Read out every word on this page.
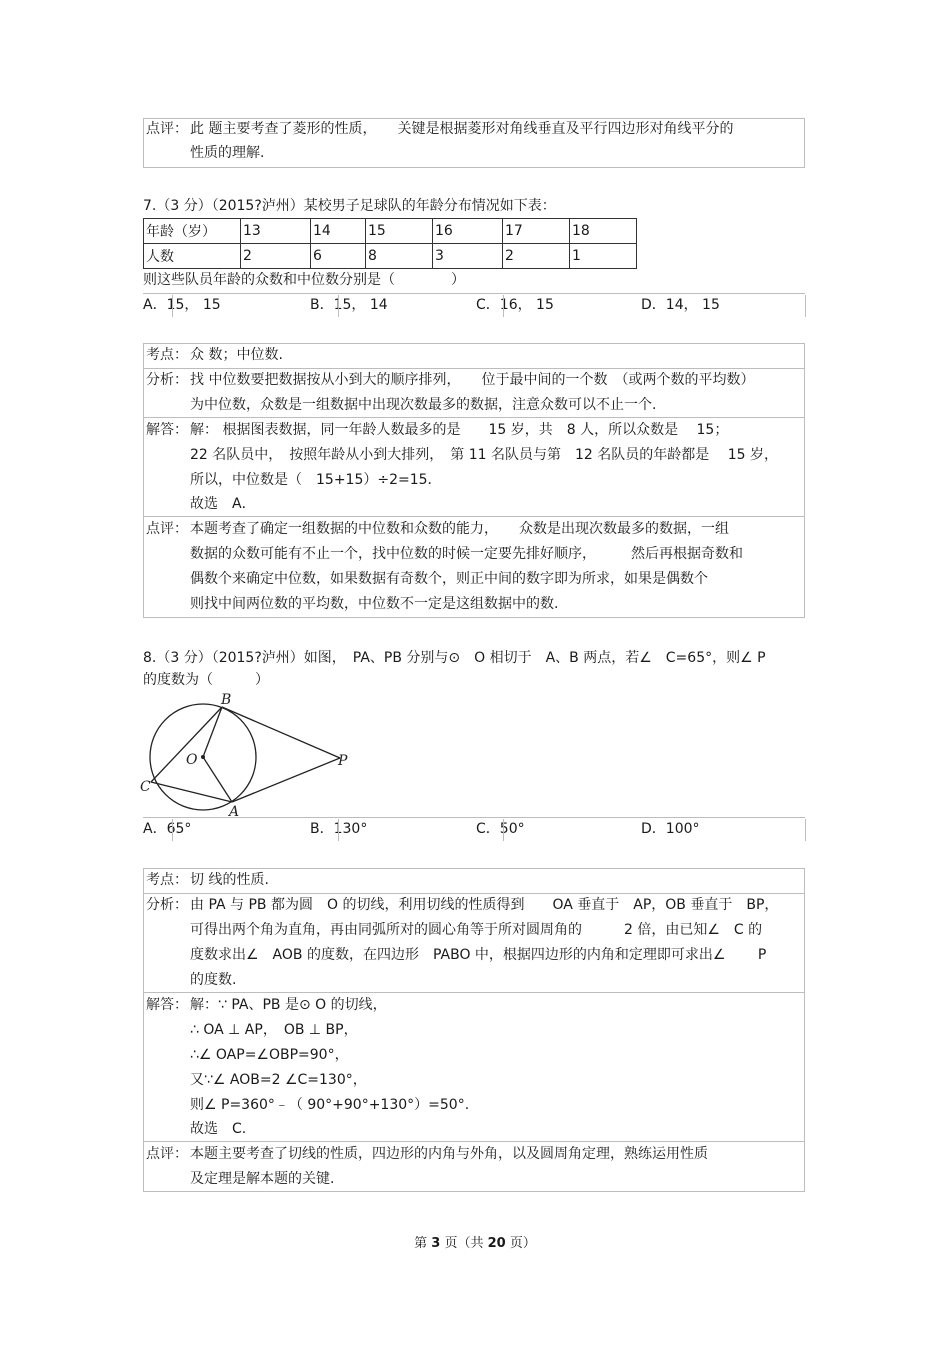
点评： 此 题主要考查了菱形的性质，　　关键是根据菱形对角线垂直及平行四边形对角线平分的
性质的理解.
7.（3 分）（2015?泸州）某校男子足球队的年龄分布情况如下表：
年龄（岁）	13	14	15	16	17	18
人数	2	6	8	3	2	1
则这些队员年龄的众数和中位数分别是（　　　　）
A．15， 15	B．15， 14	C．16， 15	D．14， 15
考点： 众 数；中位数.
分析： 找 中位数要把数据按从小到大的顺序排列，　　位于最中间的一个数　（或两个数的平均数）
为中位数，众数是一组数据中出现次数最多的数据，注意众数可以不止一个.
解答： 解： 根据图表数据，同一年龄人数最多的是　　15 岁，共　8 人，所以众数是　 15；
22 名队员中，　按照年龄从小到大排列，　第 11 名队员与第　12 名队员的年龄都是　 15 岁，
所以，中位数是（　15+15）÷2=15．
故选　A．
点评： 本题考查了确定一组数据的中位数和众数的能力，　　众数是出现次数最多的数据，一组
数据的众数可能有不止一个，找中位数的时候一定要先排好顺序，　　　然后再根据奇数和
偶数个来确定中位数，如果数据有奇数个，则正中间的数字即为所求，如果是偶数个
则找中间两位数的平均数，中位数不一定是这组数据中的数.
8.（3 分）（2015?泸州）如图，　PA、PB 分别与⊙　O 相切于　A、B 两点，若∠　C=65°，则∠ P
的度数为（　　　）
B
O	P
C
A
A．65°	B．130°	C．50°	D．100°
考点： 切 线的性质.
分析： 由 PA 与 PB 都为圆　O 的切线，利用切线的性质得到　　OA 垂直于　AP，OB 垂直于　BP，
可得出两个角为直角，再由同弧所对的圆心角等于所对圆周角的　　　2 倍，由已知∠　C 的
度数求出∠　AOB 的度数，在四边形　PABO 中，根据四边形的内角和定理即可求出∠　　 P
的度数.
解答： 解：∵ PA、PB 是⊙ O 的切线，
∴ OA ⊥ AP，　OB ⊥ BP，
∴∠ OAP=∠OBP=90°，
又∵∠ AOB=2 ∠C=130°，
则∠ P=360°﹣（ 90°+90°+130°）=50°.
故选　C.
点评： 本题主要考查了切线的性质，四边形的内角与外角，以及圆周角定理，熟练运用性质
及定理是解本题的关键.
第 3 页（共 20 页）
